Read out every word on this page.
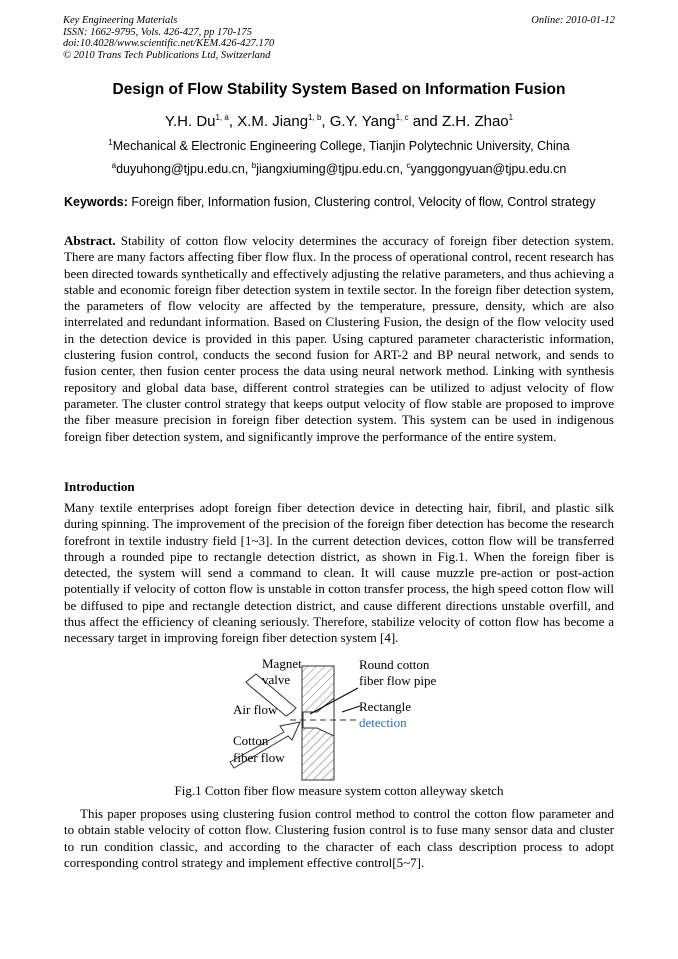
Key Engineering Materials
ISSN: 1662-9795, Vols. 426-427, pp 170-175
doi:10.4028/www.scientific.net/KEM.426-427.170
© 2010 Trans Tech Publications Ltd, Switzerland
Online: 2010-01-12
Design of Flow Stability System Based on Information Fusion
Y.H. Du$^{1, a}$, X.M. Jiang$^{1, b}$, G.Y. Yang$^{1, c}$ and Z.H. Zhao$^1$
$^1$Mechanical & Electronic Engineering College, Tianjin Polytechnic University, China
$^a$duyuhong@tjpu.edu.cn, $^b$jiangxiuming@tjpu.edu.cn, $^c$yanggongyuan@tjpu.edu.cn
Keywords: Foreign fiber, Information fusion, Clustering control, Velocity of flow, Control strategy
Abstract. Stability of cotton flow velocity determines the accuracy of foreign fiber detection system. There are many factors affecting fiber flow flux. In the process of operational control, recent research has been directed towards synthetically and effectively adjusting the relative parameters, and thus achieving a stable and economic foreign fiber detection system in textile sector. In the foreign fiber detection system, the parameters of flow velocity are affected by the temperature, pressure, density, which are also interrelated and redundant information. Based on Clustering Fusion, the design of the flow velocity used in the detection device is provided in this paper. Using captured parameter characteristic information, clustering fusion control, conducts the second fusion for ART-2 and BP neural network, and sends to fusion center, then fusion center process the data using neural network method. Linking with synthesis repository and global data base, different control strategies can be utilized to adjust velocity of flow parameter. The cluster control strategy that keeps output velocity of flow stable are proposed to improve the fiber measure precision in foreign fiber detection system. This system can be used in indigenous foreign fiber detection system, and significantly improve the performance of the entire system.
Introduction
Many textile enterprises adopt foreign fiber detection device in detecting hair, fibril, and plastic silk during spinning. The improvement of the precision of the foreign fiber detection has become the research forefront in textile industry field [1~3]. In the current detection devices, cotton flow will be transferred through a rounded pipe to rectangle detection district, as shown in Fig.1. When the foreign fiber is detected, the system will send a command to clean. It will cause muzzle pre-action or post-action potentially if velocity of cotton flow is unstable in cotton transfer process, the high speed cotton flow will be diffused to pipe and rectangle detection district, and cause different directions unstable overfill, and thus affect the efficiency of cleaning seriously. Therefore, stabilize velocity of cotton flow has become a necessary target in improving foreign fiber detection system [4].
Magnet
valve
Air flow
Cotton
fiber flow
Round cotton
fiber flow pipe
Rectangle
detection
Fig.1 Cotton fiber flow measure system cotton alleyway sketch
This paper proposes using clustering fusion control method to control the cotton flow parameter and to obtain stable velocity of cotton flow. Clustering fusion control is to fuse many sensor data and cluster to run condition classic, and according to the character of each class description process to adopt corresponding control strategy and implement effective control[5~7].
